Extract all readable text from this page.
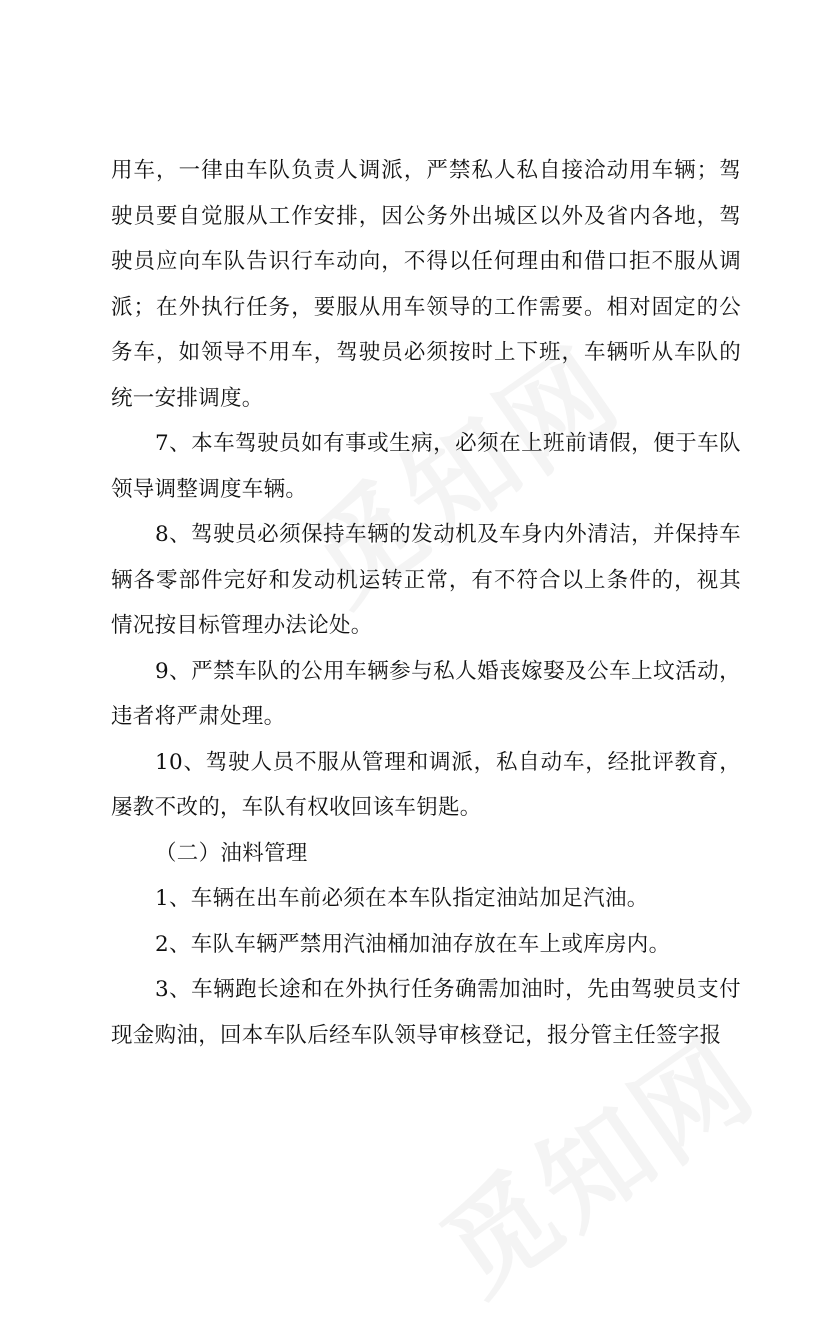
用车，一律由车队负责人调派，严禁私人私自接洽动用车辆；驾驶员要自觉服从工作安排，因公务外出城区以外及省内各地，驾驶员应向车队告识行车动向，不得以任何理由和借口拒不服从调派；在外执行任务，要服从用车领导的工作需要。相对固定的公务车，如领导不用车，驾驶员必须按时上下班，车辆听从车队的统一安排调度。

7、本车驾驶员如有事或生病，必须在上班前请假，便于车队领导调整调度车辆。

8、驾驶员必须保持车辆的发动机及车身内外清洁，并保持车辆各零部件完好和发动机运转正常，有不符合以上条件的，视其情况按目标管理办法论处。

9、严禁车队的公用车辆参与私人婚丧嫁娶及公车上坟活动，违者将严肃处理。

10、驾驶人员不服从管理和调派，私自动车，经批评教育，屡教不改的，车队有权收回该车钥匙。

（二）油料管理

1、车辆在出车前必须在本车队指定油站加足汽油。

2、车队车辆严禁用汽油桶加油存放在车上或库房内。

3、车辆跑长途和在外执行任务确需加油时，先由驾驶员支付现金购油，回本车队后经车队领导审核登记，报分管主任签字报
